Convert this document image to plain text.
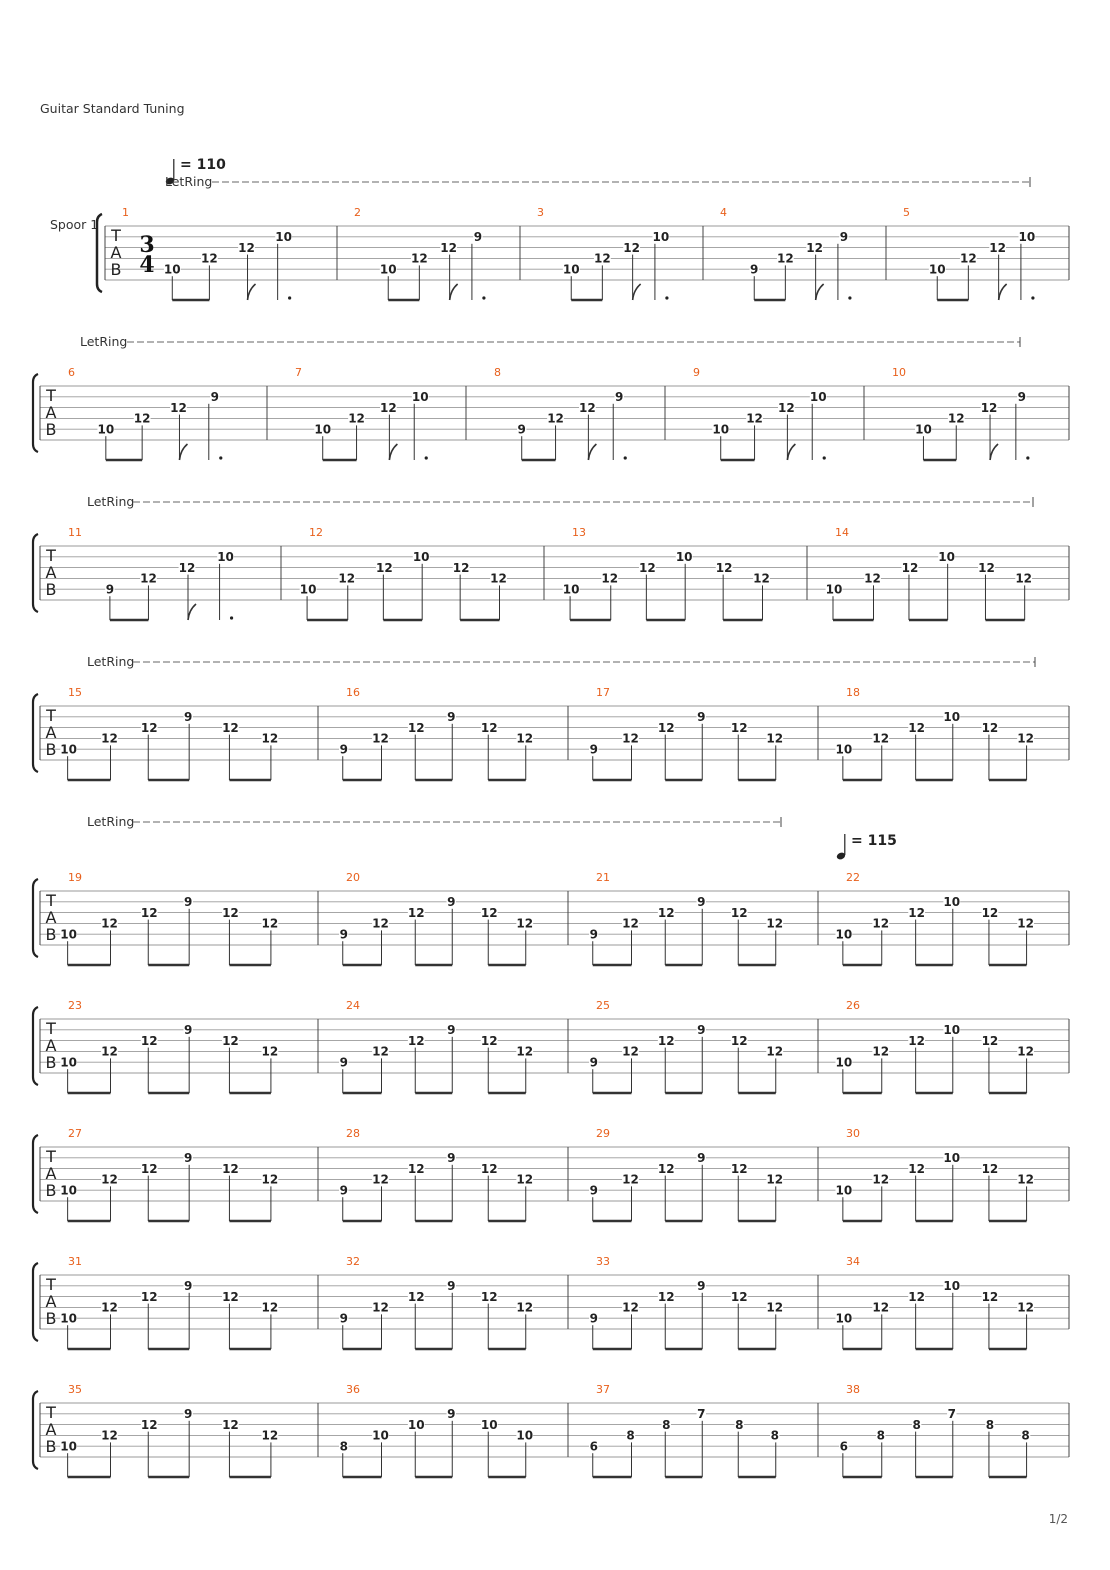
Guitar Standard Tuning
1/2
= 110
= 115
Spoor 1
T
A
B
3
4
LetRing
1
10
12
12
10
2
10
12
12
9
3
10
12
12
10
4
9
12
12
9
5
10
12
12
10
T
A
B
LetRing
6
10
12
12
9
7
10
12
12
10
8
9
12
12
9
9
10
12
12
10
10
10
12
12
9
T
A
B
LetRing
11
9
12
12
10
12
10
12
12
10
12
12
13
10
12
12
10
12
12
14
10
12
12
10
12
12
T
A
B
LetRing
15
10
12
12
9
12
12
16
9
12
12
9
12
12
17
9
12
12
9
12
12
18
10
12
12
10
12
12
T
A
B
LetRing
19
10
12
12
9
12
12
20
9
12
12
9
12
12
21
9
12
12
9
12
12
22
10
12
12
10
12
12
T
A
B
23
10
12
12
9
12
12
24
9
12
12
9
12
12
25
9
12
12
9
12
12
26
10
12
12
10
12
12
T
A
B
27
10
12
12
9
12
12
28
9
12
12
9
12
12
29
9
12
12
9
12
12
30
10
12
12
10
12
12
T
A
B
31
10
12
12
9
12
12
32
9
12
12
9
12
12
33
9
12
12
9
12
12
34
10
12
12
10
12
12
T
A
B
35
10
12
12
9
12
12
36
8
10
10
9
10
10
37
6
8
8
7
8
8
38
6
8
8
7
8
8
